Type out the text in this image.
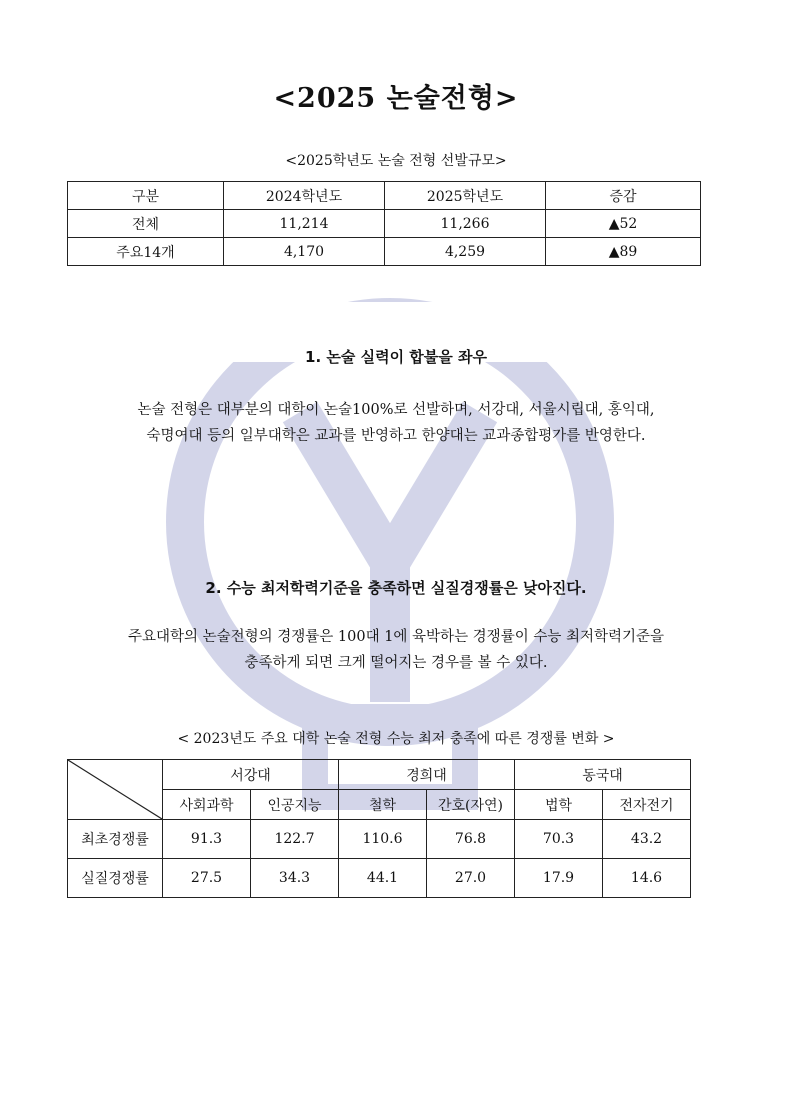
<2025 논술전형>
<2025학년도 논술 전형 선발규모>
구분	2024학년도	2025학년도	증감
전체	11,214	11,266	▲52
주요14개	4,170	4,259	▲89
1. 논술 실력이 합불을 좌우
논술 전형은 대부분의 대학이 논술100%로 선발하며, 서강대, 서울시립대, 홍익대,
숙명여대 등의 일부대학은 교과를 반영하고 한양대는 교과종합평가를 반영한다.
2. 수능 최저학력기준을 충족하면 실질경쟁률은 낮아진다.
주요대학의 논술전형의 경쟁률은 100대 1에 육박하는 경쟁률이 수능 최저학력기준을
충족하게 되면 크게 떨어지는 경우를 볼 수 있다.
< 2023년도 주요 대학 논술 전형 수능 최저 충족에 따른 경쟁률 변화 >
	서강대		경희대		동국대	
	사회과학	인공지능	철학	간호(자연)	법학	전자전기
최초경쟁률	91.3	122.7	110.6	76.8	70.3	43.2
실질경쟁률	27.5	34.3	44.1	27.0	17.9	14.6
